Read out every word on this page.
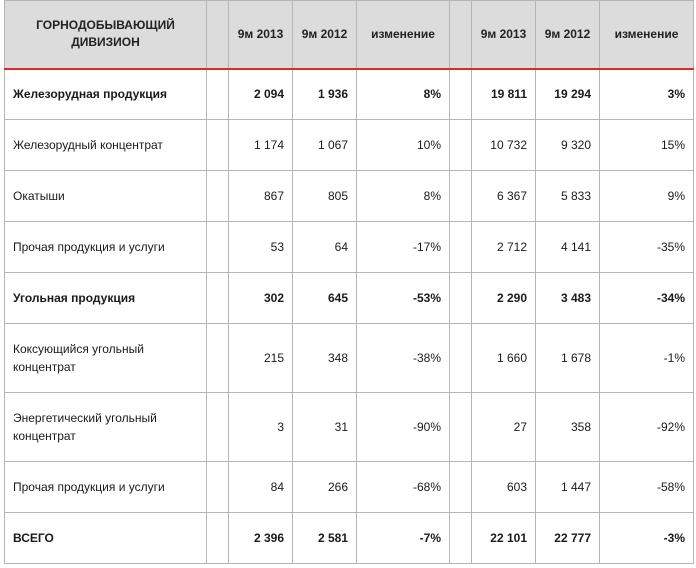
ГОРНОДОБЫВАЮЩИЙ ДИВИЗИОН		9м 2013	9м 2012	изменение		9м 2013	9м 2012	изменение
Железорудная продукция		2 094	1 936	8%		19 811	19 294	3%
Железорудный концентрат		1 174	1 067	10%		10 732	9 320	15%
Окатыши		867	805	8%		6 367	5 833	9%
Прочая продукция и услуги		53	64	-17%		2 712	4 141	-35%
Угольная продукция		302	645	-53%		2 290	3 483	-34%
Коксующийся угольный концентрат		215	348	-38%		1 660	1 678	-1%
Энергетический угольный концентрат		3	31	-90%		27	358	-92%
Прочая продукция и услуги		84	266	-68%		603	1 447	-58%
ВСЕГО		2 396	2 581	-7%		22 101	22 777	-3%
